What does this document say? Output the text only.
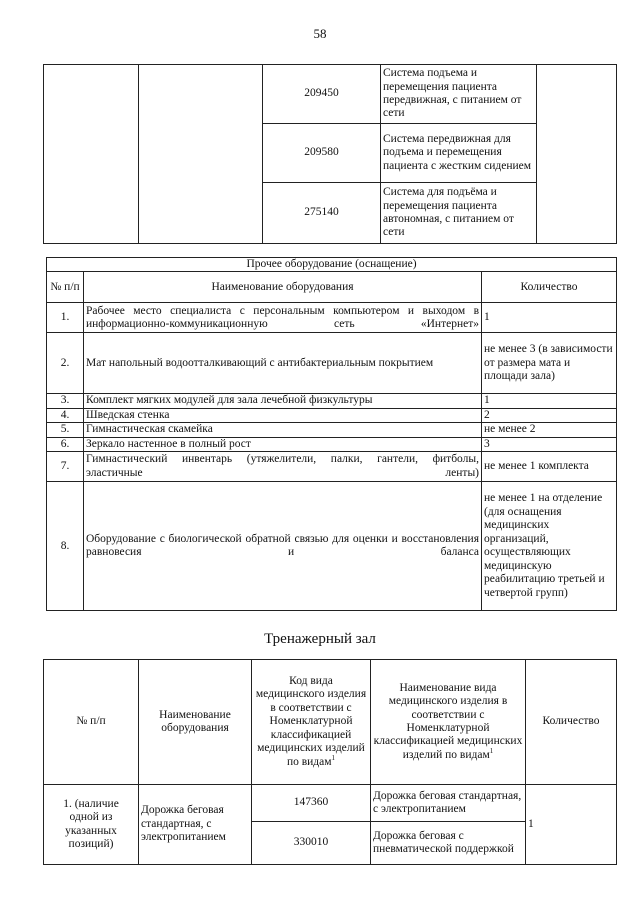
58
		209450	Система подъема и перемещения пациента передвижная, с питанием от сети	
		209580	Система передвижная для подъема и перемещения пациента с жестким сидением	
		275140	Система для подъёма и перемещения пациента автономная, с питанием от сети	
Прочее оборудование (оснащение)		
№ п/п	Наименование оборудования	Количество
1.	Рабочее место специалиста с персональным компьютером и выходом в информационно-коммуникационную сеть «Интернет»	1
2.	Мат напольный водоотталкивающий с антибактериальным покрытием	не менее 3 (в зависимости от размера мата и площади зала)
3.	Комплект мягких модулей для зала лечебной физкультуры	1
4.	Шведская стенка	2
5.	Гимнастическая скамейка	не менее 2
6.	Зеркало настенное в полный рост	3
7.	Гимнастический инвентарь (утяжелители, палки, гантели, фитболы, эластичные ленты)	не менее 1 комплекта
8.	Оборудование с биологической обратной связью для оценки и восстановления равновесия и баланса	не менее 1 на отделение (для оснащения медицинских организаций, осуществляющих медицинскую реабилитацию третьей и четвертой групп)
Тренажерный зал
№ п/п	Наименование оборудования	Код вида медицинского изделия в соответствии с Номенклатурной классификацией медицинских изделий по видам$^1$	Наименование вида медицинского изделия в соответствии с Номенклатурной классификацией медицинских изделий по видам$^1$	Количество
1. (наличие одной из указанных позиций)	Дорожка беговая стандартная, с электропитанием	147360	Дорожка беговая стандартная, с электропитанием	1
		330010	Дорожка беговая с пневматической поддержкой	
